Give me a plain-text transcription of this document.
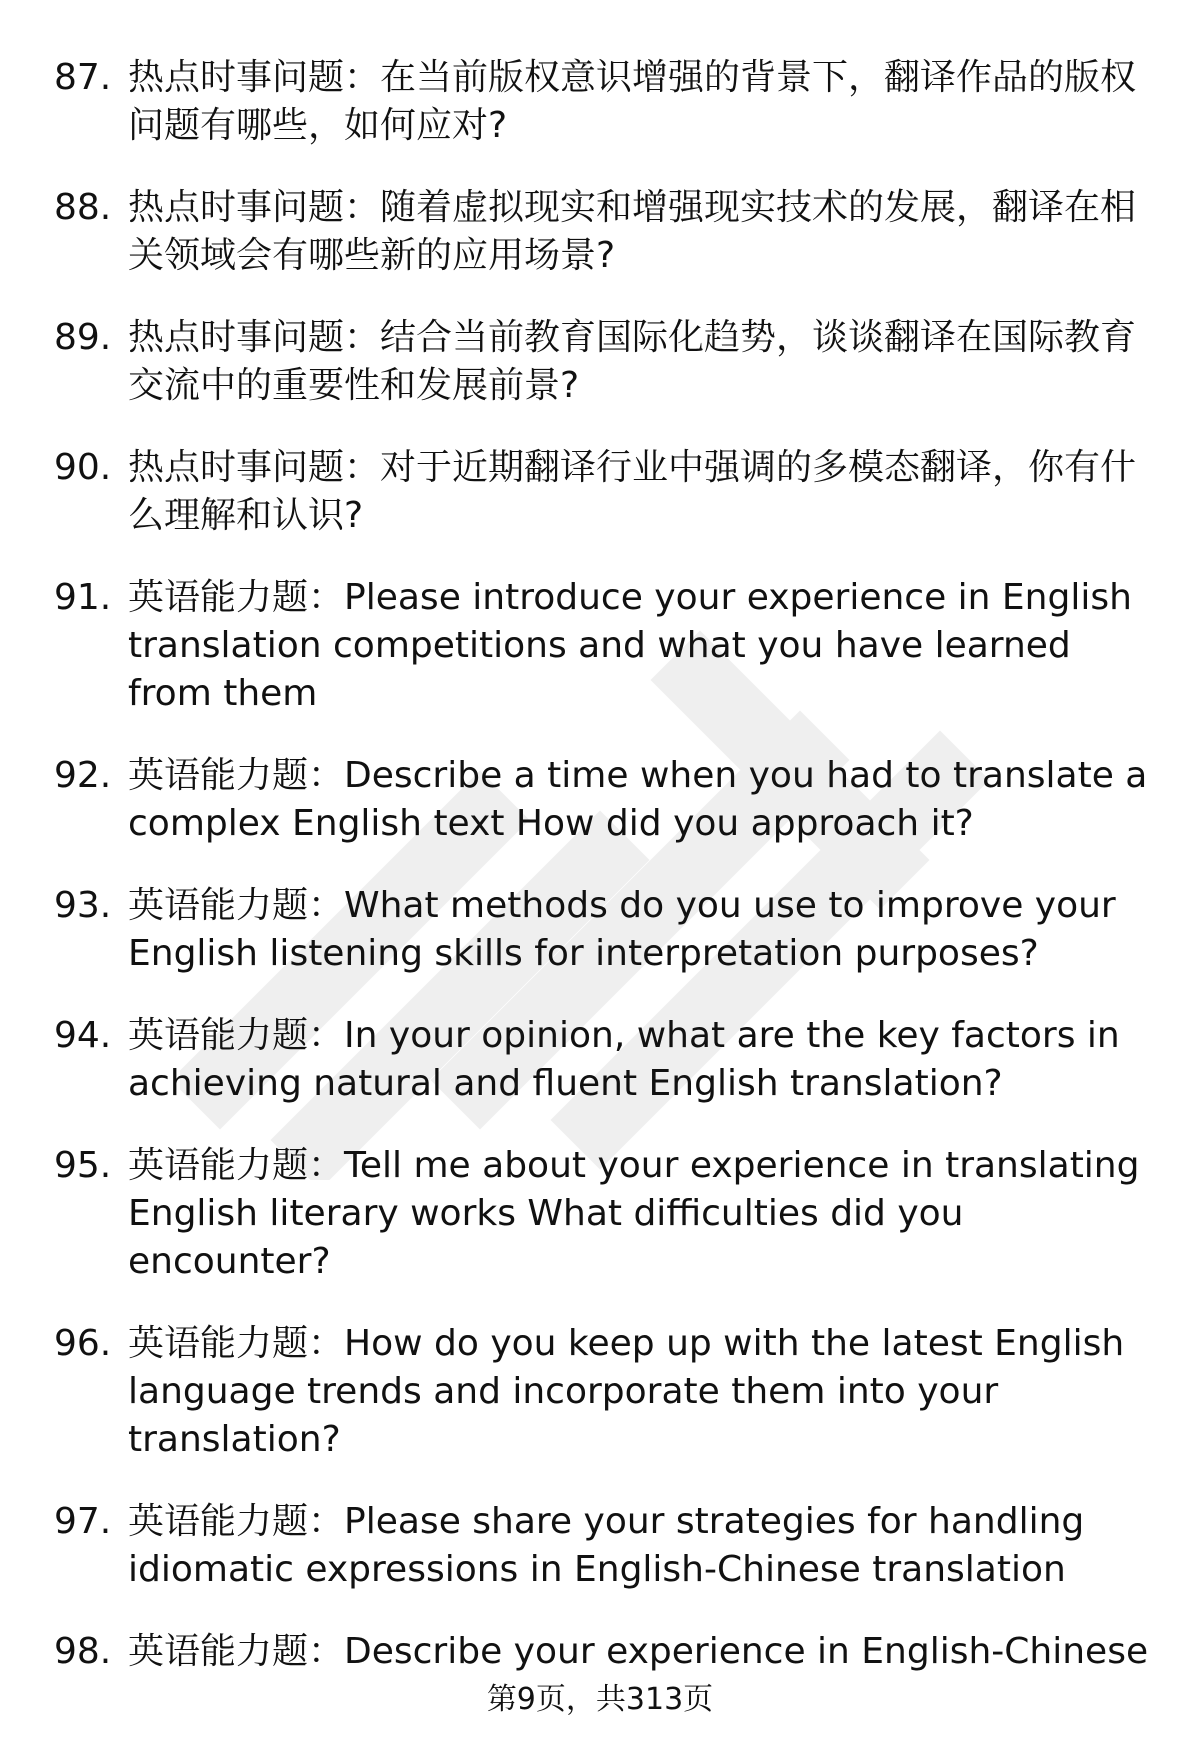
87. 热点时事问题：在当前版权意识增强的背景下，翻译作品的版权问题有哪些，如何应对?
88. 热点时事问题：随着虚拟现实和增强现实技术的发展，翻译在相关领域会有哪些新的应用场景?
89. 热点时事问题：结合当前教育国际化趋势，谈谈翻译在国际教育交流中的重要性和发展前景?
90. 热点时事问题：对于近期翻译行业中强调的多模态翻译，你有什么理解和认识?
91. 英语能力题：Please introduce your experience in English translation competitions and what you have learned from them
92. 英语能力题：Describe a time when you had to translate a complex English text How did you approach it?
93. 英语能力题：What methods do you use to improve your English listening skills for interpretation purposes?
94. 英语能力题：In your opinion, what are the key factors in achieving natural and fluent English translation?
95. 英语能力题：Tell me about your experience in translating English literary works What difficulties did you encounter?
96. 英语能力题：How do you keep up with the latest English language trends and incorporate them into your translation?
97. 英语能力题：Please share your strategies for handling idiomatic expressions in English-Chinese translation
98. 英语能力题：Describe your experience in English-Chinese
第9页，共313页
